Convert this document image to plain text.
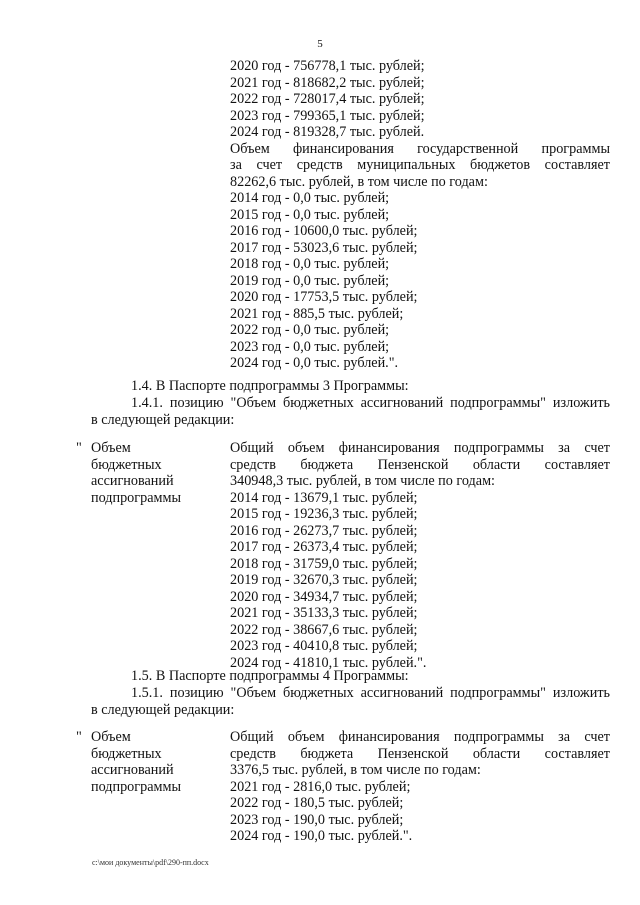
5
2020 год - 756778,1 тыс. рублей;
2021 год - 818682,2 тыс. рублей;
2022 год - 728017,4 тыс. рублей;
2023 год - 799365,1 тыс. рублей;
2024 год - 819328,7 тыс. рублей.
Объем финансирования государственной программы
за счет средств муниципальных бюджетов составляет
82262,6 тыс. рублей, в том числе по годам:
2014 год - 0,0 тыс. рублей;
2015 год - 0,0 тыс. рублей;
2016 год - 10600,0 тыс. рублей;
2017 год - 53023,6 тыс. рублей;
2018 год - 0,0 тыс. рублей;
2019 год - 0,0 тыс. рублей;
2020 год - 17753,5 тыс. рублей;
2021 год - 885,5 тыс. рублей;
2022 год - 0,0 тыс. рублей;
2023 год - 0,0 тыс. рублей;
2024 год - 0,0 тыс. рублей.".
1.4. В Паспорте подпрограммы 3 Программы:
1.4.1. позицию "Объем бюджетных ассигнований подпрограммы" изложить
в следующей редакции:
" Объем
бюджетных
ассигнований
подпрограммы
Общий объем финансирования подпрограммы за счет
средств бюджета Пензенской области составляет
340948,3 тыс. рублей, в том числе по годам:
2014 год - 13679,1 тыс. рублей;
2015 год - 19236,3 тыс. рублей;
2016 год - 26273,7 тыс. рублей;
2017 год - 26373,4 тыс. рублей;
2018 год - 31759,0 тыс. рублей;
2019 год - 32670,3 тыс. рублей;
2020 год - 34934,7 тыс. рублей;
2021 год - 35133,3 тыс. рублей;
2022 год - 38667,6 тыс. рублей;
2023 год - 40410,8 тыс. рублей;
2024 год - 41810,1 тыс. рублей.".
1.5. В Паспорте подпрограммы 4 Программы:
1.5.1. позицию "Объем бюджетных ассигнований подпрограммы" изложить
в следующей редакции:
" Объем
бюджетных
ассигнований
подпрограммы
Общий объем финансирования подпрограммы за счет
средств бюджета Пензенской области составляет
3376,5 тыс. рублей, в том числе по годам:
2021 год - 2816,0 тыс. рублей;
2022 год - 180,5 тыс. рублей;
2023 год - 190,0 тыс. рублей;
2024 год - 190,0 тыс. рублей.".
c:\мои документы\pdf\290-пп.docx
